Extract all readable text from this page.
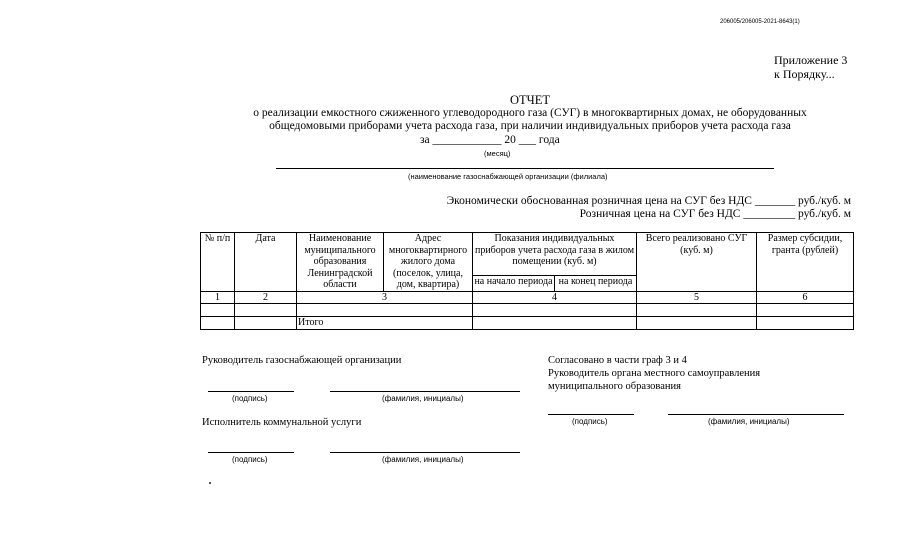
206005/206005-2021-8643(1)
Приложение 3
к Порядку...
ОТЧЕТ
о реализации емкостного сжиженного углеводородного газа (СУГ) в многоквартирных домах, не оборудованных
общедомовыми приборами учета расхода газа, при наличии индивидуальных приборов учета расхода газа
за ____________ 20 ___ года
(месяц)
(наименование газоснабжающей организации (филиала)
Экономически обоснованная розничная цена на СУГ без НДС _______ руб./куб. м
Розничная цена на СУГ без НДС _________ руб./куб. м
№ п/п	Дата	Наименование муниципального образования Ленинградской области	Адрес многоквартирного жилого дома (поселок, улица, дом, квартира)	Показания индивидуальных приборов учета расхода газа в жилом помещении (куб. м)		Всего реализовано СУГ (куб. м)	Размер субсидии, гранта (рублей)
				на начало периода	на конец периода		
1	2	3		4		5	6

		Итого					
Руководитель газоснабжающей организации
(подпись)	(фамилия, инициалы)
Исполнитель коммунальной услуги
(подпись)	(фамилия, инициалы)
Согласовано в части граф 3 и 4
Руководитель органа местного самоуправления
муниципального образования
(подпись)	(фамилия, инициалы)
